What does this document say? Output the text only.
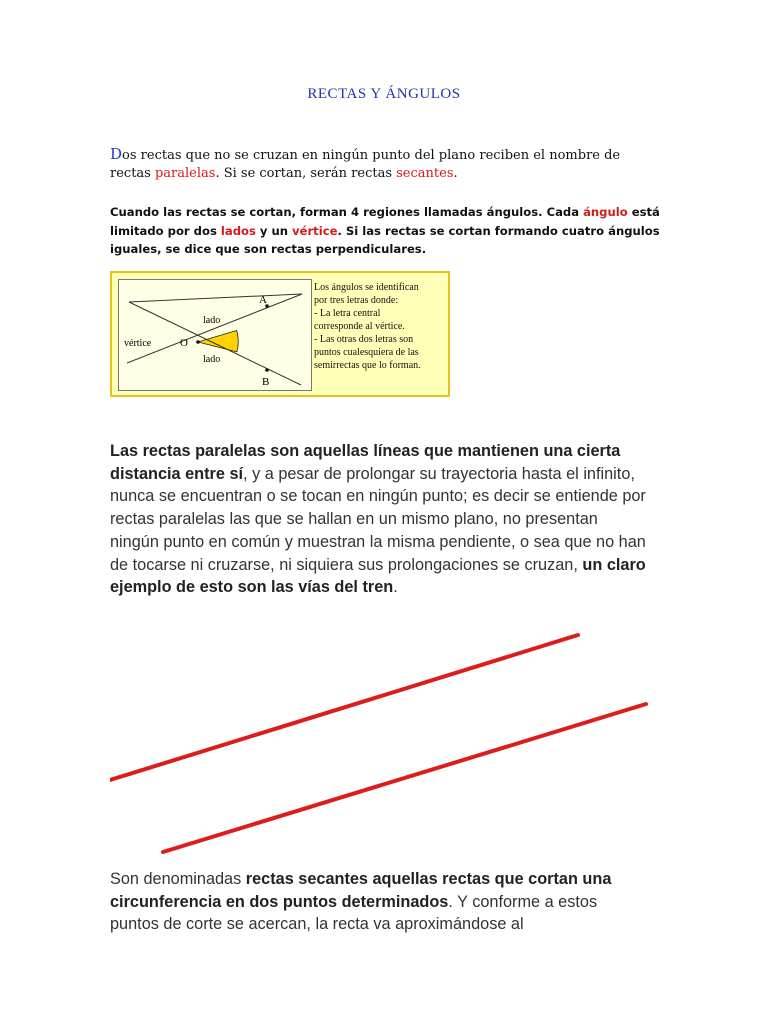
RECTAS Y ÁNGULOS
Dos rectas que no se cruzan en ningún punto del plano reciben el nombre de rectas paralelas. Si se cortan, serán rectas secantes.
Cuando las rectas se cortan, forman 4 regiones llamadas ángulos. Cada ángulo está limitado por dos lados y un vértice. Si las rectas se cortan formando cuatro ángulos iguales, se dice que son rectas perpendiculares.
A
B
O
lado
lado
vértice
Los ángulos se identifican
por tres letras donde:
- La letra central
corresponde al vértice.
- Las otras dos letras son
puntos cualesquiera de las
semirrectas que lo forman.
Las rectas paralelas son aquellas líneas que mantienen una cierta distancia entre sí, y a pesar de prolongar su trayectoria hasta el infinito, nunca se encuentran o se tocan en ningún punto; es decir se entiende por rectas paralelas las que se hallan en un mismo plano, no presentan ningún punto en común y muestran la misma pendiente, o sea que no han de tocarse ni cruzarse, ni siquiera sus prolongaciones se cruzan, un claro ejemplo de esto son las vías del tren.
Son denominadas rectas secantes aquellas rectas que cortan una circunferencia en dos puntos determinados. Y conforme a estos puntos de corte se acercan, la recta va aproximándose al
